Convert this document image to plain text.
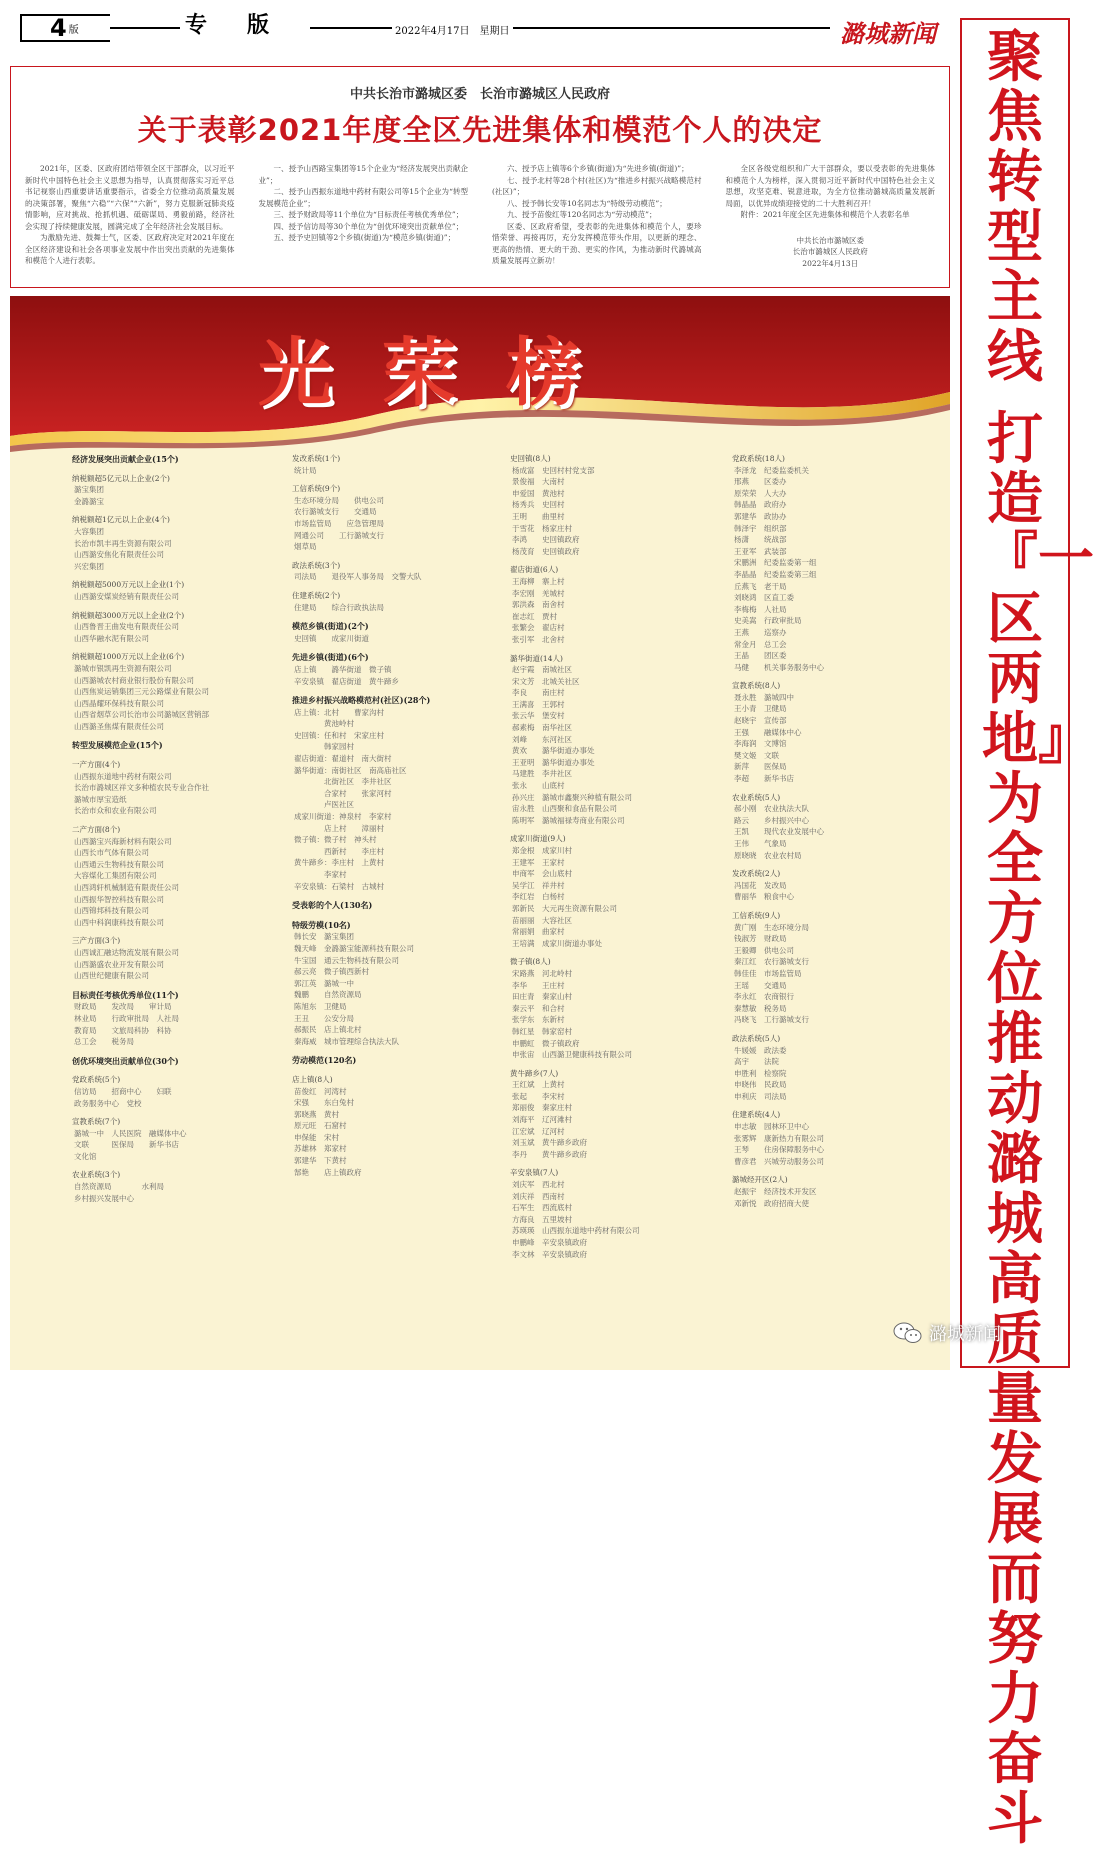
4 版	专版	2022年4月17日　星期日	潞城新闻 聚焦转型主线
打造『一区两地』为全方位推动潞城高质量发展而努力奋斗
中共长治市潞城区委　长治市潞城区人民政府
关于表彰2021年度全区先进集体和模范个人的决定

2021年，区委、区政府团结带领全区干部群众，以习近平新时代中国特色社会主义思想为指导，认真贯彻落实习近平总书记视察山西重要讲话重要指示，省委全方位推动高质量发展的决策部署，聚焦“六稳”“六保”“六新”，努力克服新冠肺炎疫情影响，应对挑战、抢抓机遇、砥砺谋局、勇毅前路，经济社会实现了持续健康发展，圆满完成了全年经济社会发展目标。

为激励先进、鼓舞士气，区委、区政府决定对2021年度在全区经济建设和社会各项事业发展中作出突出贡献的先进集体和模范个人进行表彰。

一、授予山西路宝集团等15个企业为“经济发展突出贡献企业”；

二、授予山西振东道地中药材有限公司等15个企业为“转型发展模范企业”；

三、授予财政局等11个单位为“目标责任考核优秀单位”；

四、授予信访局等30个单位为“创优环境突出贡献单位”；

五、授予史回镇等2个乡镇(街道)为“模范乡镇(街道)”；

六、授予店上镇等6个乡镇(街道)为“先进乡镇(街道)”；

七、授予北村等28个村(社区)为“推进乡村振兴战略模范村(社区)”；

八、授予韩长安等10名同志为“特级劳动模范”；

九、授予苗俊红等120名同志为“劳动模范”；

区委、区政府希望，受表彰的先进集体和模范个人，要珍惜荣誉、再接再厉，充分发挥模范带头作用，以更新的理念、更高的热情、更大的干劲、更实的作风，为推动新时代潞城高质量发展再立新功！

全区各级党组织和广大干部群众，要以受表彰的先进集体和模范个人为榜样，深入贯彻习近平新时代中国特色社会主义思想，攻坚克难、锐意进取，为全方位推动潞城高质量发展新局面，以优异成绩迎接党的二十大胜利召开！

附件：2021年度全区先进集体和模范个人表彰名单

中共长治市潞城区委
长治市潞城区人民政府
2022年4月13日
光荣榜
经济发展突出贡献企业(15个)
纳税额超5亿元以上企业(2个)
潞宝集团
金潞潞宝
纳税额超1亿元以上企业(4个)
大容集团
长治市凯丰再生资源有限公司
山西潞安焦化有限责任公司
兴宏集团
纳税额超5000万元以上企业(1个)
山西潞安煤炭经销有限责任公司
纳税额超3000万元以上企业(2个)
山西鲁晋王曲发电有限责任公司
山西华融水泥有限公司
纳税额超1000万元以上企业(6个)
潞城市银凯再生资源有限公司
山西潞城农村商业银行股份有限公司
山西焦炭运销集团三元公路煤业有限公司
山西晶耀环保科技有限公司
山西省烟草公司长治市公司潞城区营销部
山西潞圣焦煤有限责任公司
转型发展模范企业(15个)
一产方面(4个)
山西振东道地中药材有限公司
长治市潞城区祥文多种植农民专业合作社
潞城市厚宝造纸
长治市众和农业有限公司
二产方面(8个)
山西潞宝兴海新材料有限公司
山西长市气体有限公司
山西通云生物科技有限公司
大容煤化工集团有限公司
山西鸿轩机械制造有限责任公司
山西振华智控科技有限公司
山西锦邦科技有限公司
山西中科润康科技有限公司
三产方面(3个)
山西诚汇融达物流发展有限公司
山西潞盛农业开发有限公司
山西世纪健康有限公司
目标责任考核优秀单位(11个)
财政局　　发改局　　审计局
林业局　　行政审批局　人社局
教育局　　文旅局科协　科协
总工会　　税务局
创优环境突出贡献单位(30个)
党政系统(5个)
信访局　　招商中心　　妇联
政务服务中心　党校
宣教系统(7个)
潞城一中　人民医院　融媒体中心
文联　　　医保局　　新华书店
文化馆
农业系统(3个)
自然资源局　　　　水利局
乡村振兴发展中心
发改系统(1个)
统计局
工信系统(9个)
生态环境分局　　供电公司
农行潞城支行　　交通局
市场监管局　　应急管理局
网通公司　　工行潞城支行
烟草局
政法系统(3个)
司法局　　退役军人事务局　交警大队
住建系统(2个)
住建局　　综合行政执法局
模范乡镇(街道)(2个)
史回镇　　成家川街道
先进乡镇(街道)(6个)
店上镇　　潞华街道　微子镇
辛安泉镇　翟店街道　黄牛蹄乡
推进乡村振兴战略模范村(社区)(28个)
店上镇：北村　　曹家沟村
　　　　黄池岭村
史回镇：任和村　宋家庄村
　　　　韩家园村
翟店街道：翟道村　南大街村
潞华街道：南街社区　南高庙社区
　　　　北街社区　李井社区
　　　　合家村　　张家河村
　　　　卢医社区
成家川街道：神泉村　李家村
　　　　店上村　　漳丽村
微子镇：微子村　神头村
　　　　西新村　　李庄村
黄牛蹄乡：李庄村　上黄村
　　　　李家村
辛安泉镇：石梁村　古城村
受表彰的个人(130名)
特级劳模(10名)
韩长安　潞宝集团
魏天峰　金潞潞宝能源科技有限公司
牛宝国　通云生物科技有限公司
郝云亮　微子镇西新村
郭江英　潞城一中
魏鹏　　自然资源局
陈旭东　卫健局
王丑　　公安分局
郝振民　店上镇北村
秦海威　城市管理综合执法大队
劳动模范(120名)
店上镇(8人)
苗俊红　河湾村
宋强　　东白兔村
郭晓燕　黄村
原元旺　石窟村
申保能　宋村
苏雄林　郑家村
郭建华　下黄村
郜艳　　店上镇政府
史回镇(8人)
杨成富　史回村村党支部
景俊福　大南村
申爱国　黄池村
杨秀兵　史回村
王明　　曲里村
于雪花　杨家庄村
李鸿　　史回镇政府
杨茂育　史回镇政府
翟店街道(6人)
王海柳　寨上村
李宏刚　羌城村
郭洪森　南舍村
崔志红　贾村
张繁会　翟店村
张引军　北舍村
潞华街道(14人)
赵宇霞　南城社区
宋文芳　北城关社区
李良　　南庄村
王满喜　王郭村
张云华　堡安村
郝素梅　南华社区
刘峰　　东河社区
黄欢　　潞华街道办事处
王亚明　潞华街道办事处
马建胜　李井社区
张永　　山底村
孙兴庄　潞城市鑫聚兴种植有限公司
宙永胜　山西聚和食品有限公司
陈明军　潞城福禄寿商业有限公司
成家川街道(9人)
郑金根　成家川村
王建军　王家村
申商军　会山底村
吴学江　祥井村
李红岩　白杨村
郭新民　大元再生资源有限公司
苗丽丽　大容社区
常丽娟　曲家村
王培满　成家川街道办事处
微子镇(8人)
宋路燕　河北岭村
李华　　王庄村
田庄青　秦家山村
秦云平　和合村
张学东　东新村
韩红星　韩家窑村
申鹏虹　微子镇政府
申张宙　山西潞卫健康科技有限公司
黄牛蹄乡(7人)
王红斌　上黄村
张起　　李宋村
郑丽俊　秦家庄村
刘海平　辽河滩村
江宏斌　辽河村
刘玉斌　黄牛蹄乡政府
李丹　　黄牛蹄乡政府
辛安泉镇(7人)
刘庆军　西北村
刘庆祥　西南村
石军生　西流底村
方海良　五里坡村
苏瑛瑛　山西振东道地中药材有限公司
申鹏峰　辛安泉镇政府
李文林　辛安泉镇政府
党政系统(18人)
李泽龙　纪委监委机关
邢燕　　区委办
原荣荣　人大办
韩晶晶　政府办
郭建华　政协办
韩泽宇　组织部
杨潇　　统战部
王亚军　武装部
宋鹏洲　纪委监委第一组
李晶晶　纪委监委第三组
丘燕飞　老干局
刘晓鸿　区直工委
李梅梅　人社局
史美嵩　行政审批局
王燕　　巡察办
常金月　总工会
王晶　　团区委
马健　　机关事务服务中心
宣教系统(8人)
聂永胜　潞城四中
王小青　卫健局
赵晓宇　宣传部
王强　　融媒体中心
李海润　文博馆
樊文姬　文联
新萍　　医保局
李超　　新华书店
农业系统(5人)
郝小刚　农业执法大队
路云　　乡村振兴中心
王凯　　现代农业发展中心
王伟　　气象局
原晓晓　农业农村局
发改系统(2人)
冯国花　发改局
曹丽华　粮食中心
工信系统(9人)
黄广刚　生态环境分局
钱淑芳　财政局
王毅卿　供电公司
秦江红　农行潞城支行
韩佳佳　市场监管局
王瑶　　交通局
李永红　农商银行
秦慧敏　税务局
冯晓飞　工行潞城支行
政法系统(5人)
牛媛媛　政法委
高宇　　法院
申胜利　检察院
申晓伟　民政局
申利庆　司法局
住建系统(4人)
申志敏　园林环卫中心
张雾辉　康新热力有限公司
王琴　　住房保障服务中心
曹彦君　兴城劳动服务公司
潞城经开区(2人)
赵振宇　经济技术开发区
邓新悦　政府招商大使
潞城新闻
